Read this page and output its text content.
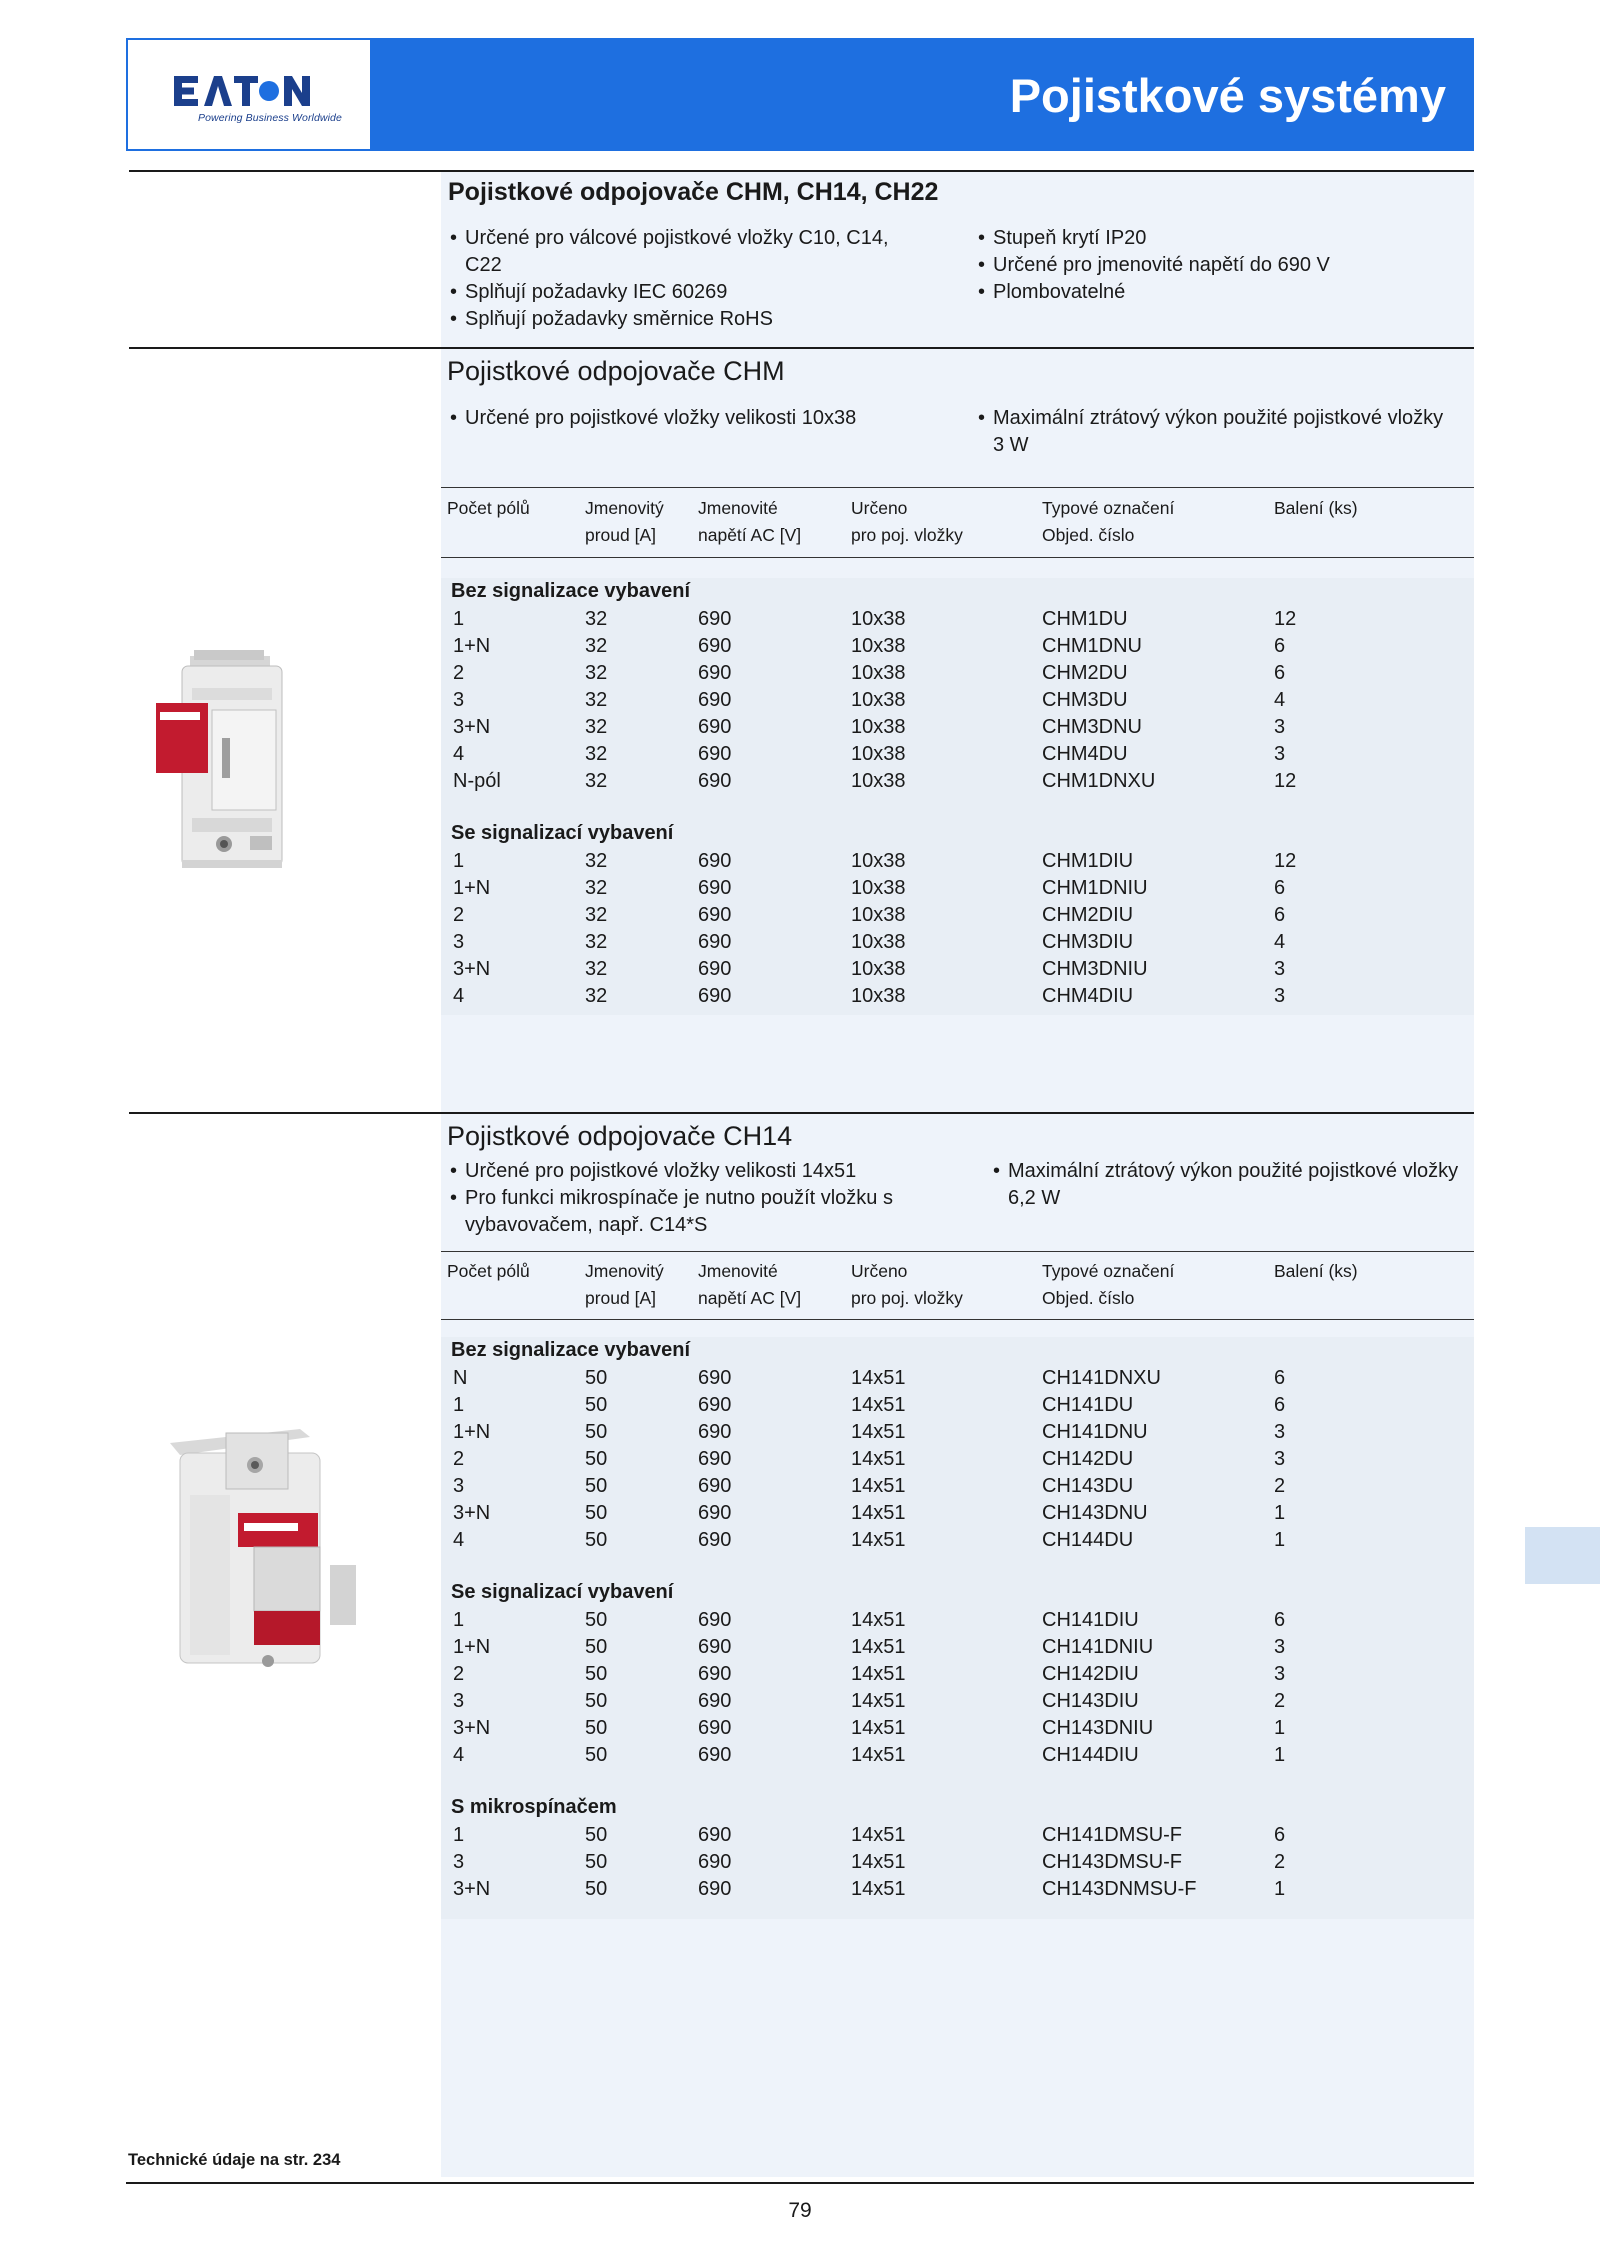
Powering Business Worldwide	Pojistkové systémy
Pojistkové odpojovače CHM, CH14, CH22
• Určené pro válcové pojistkové vložky C10, C14, C22
• Splňují požadavky IEC 60269
• Splňují požadavky směrnice RoHS
• Stupeň krytí IP20
• Určené pro jmenovité napětí do 690 V
• Plombovatelné
Pojistkové odpojovače CHM
• Určené pro pojistkové vložky velikosti 10x38
•	Maximální ztrátový výkon použité pojistkové vložky 3 W
Počet pólů	Jmenovitý
proud [A]
Jmenovité
napětí AC [V]
Určeno
pro poj. vložky
Typové označení
Objed. číslo
Balení (ks)
Bez signalizace vybavení
1	32	690	10x38	CHM1DU	12
1+N	32	690	10x38	CHM1DNU	6
2	32	690	10x38	CHM2DU	6
3	32	690	10x38	CHM3DU	4
3+N	32	690	10x38	CHM3DNU	3
4	32	690	10x38	CHM4DU	3
N-pól	32	690	10x38	CHM1DNXU	12
Se signalizací vybavení
1	32	690	10x38	CHM1DIU	12
1+N	32	690	10x38	CHM1DNIU	6
2	32	690	10x38	CHM2DIU	6
3	32	690	10x38	CHM3DIU	4
3+N	32	690	10x38	CHM3DNIU	3
4	32	690	10x38	CHM4DIU	3
Pojistkové odpojovače CH14
• Určené pro pojistkové vložky velikosti 14x51
• Pro funkci mikrospínače je nutno použít vložku s vybavovačem, např. C14*S
• Maximální ztrátový výkon použité pojistkové vložky 6,2 W
Počet pólů	Jmenovitý
proud [A]
Jmenovité
napětí AC [V]
Určeno
pro poj. vložky
Typové označení
Objed. číslo
Balení (ks)
Bez signalizace vybavení
N	50	690	14x51	CH141DNXU	6
1	50	690	14x51	CH141DU	6
1+N	50	690	14x51	CH141DNU	3
2	50	690	14x51	CH142DU	3
3	50	690	14x51	CH143DU	2
3+N	50	690	14x51	CH143DNU	1
4	50	690	14x51	CH144DU	1
Se signalizací vybavení
1	50	690	14x51	CH141DIU	6
1+N	50	690	14x51	CH141DNIU	3
2	50	690	14x51	CH142DIU	3
3	50	690	14x51	CH143DIU	2
3+N	50	690	14x51	CH143DNIU	1
4	50	690	14x51	CH144DIU	1
S mikrospínačem
1	50	690	14x51	CH141DMSU-F	6
3	50	690	14x51	CH143DMSU-F	2
3+N	50	690	14x51	CH143DNMSU-F	1
Technické údaje na str. 234
79
